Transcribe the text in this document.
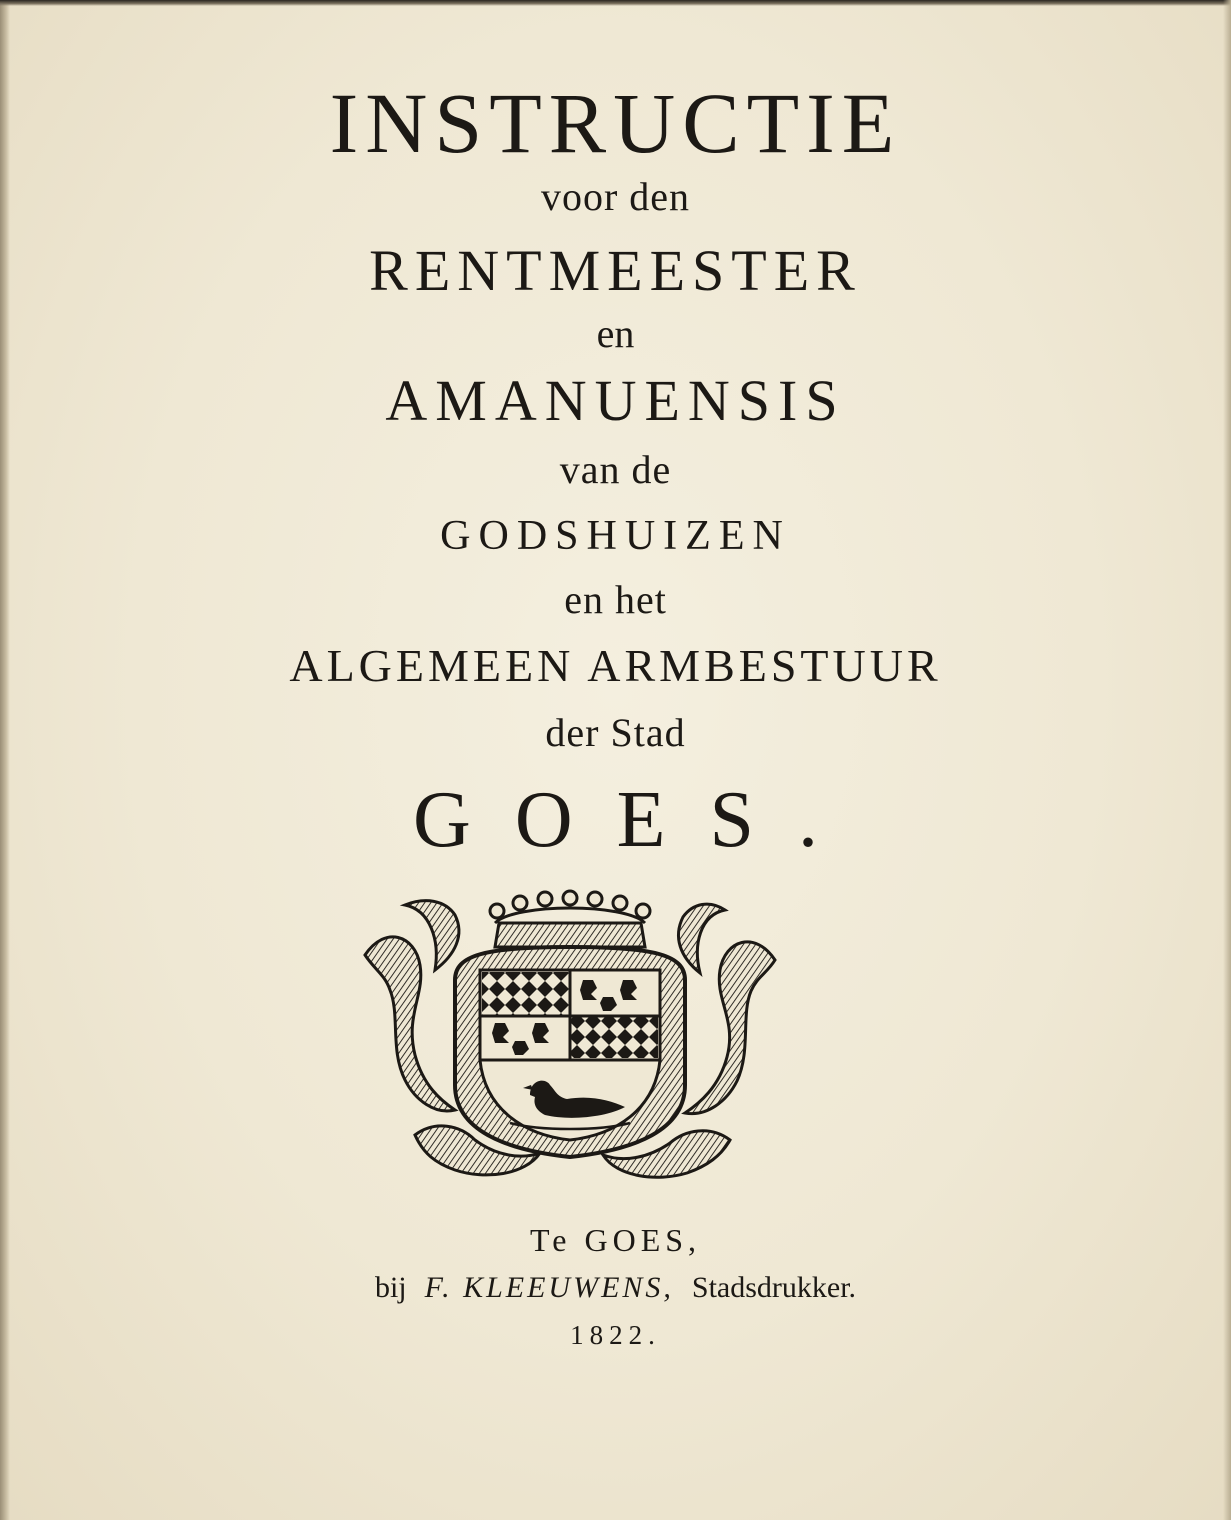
INSTRUCTIE
voor den
RENTMEESTER
en
AMANUENSIS
van de
GODSHUIZEN
en het
ALGEMEEN ARMBESTUUR
der Stad
GOES.
Te GOES,
bij F. KLEEUWENS, Stadsdrukker.
1822.
